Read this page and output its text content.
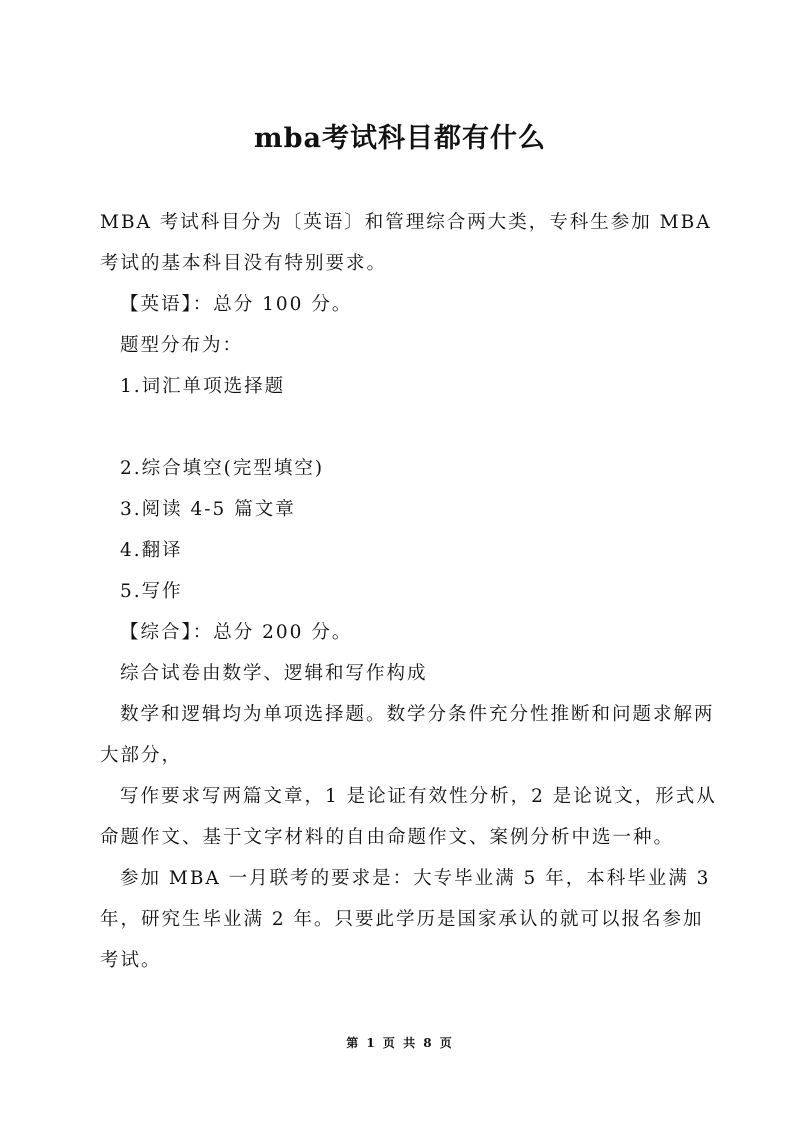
mba考试科目都有什么

MBA 考试科目分为〔英语〕和管理综合两大类，专科生参加 MBA 考试的基本科目没有特别要求。

【英语】：总分 100 分。

题型分布为：

1.词汇单项选择题

2.综合填空(完型填空)

3.阅读 4-5 篇文章

4.翻译

5.写作

【综合】：总分 200 分。

综合试卷由数学、逻辑和写作构成

数学和逻辑均为单项选择题。数学分条件充分性推断和问题求解两大部分，

写作要求写两篇文章，1 是论证有效性分析，2 是论说文，形式从命题作文、基于文字材料的自由命题作文、案例分析中选一种。

参加 MBA 一月联考的要求是：大专毕业满 5 年，本科毕业满 3 年，研究生毕业满 2 年。只要此学历是国家承认的就可以报名参加考试。

第 1 页 共 8 页
